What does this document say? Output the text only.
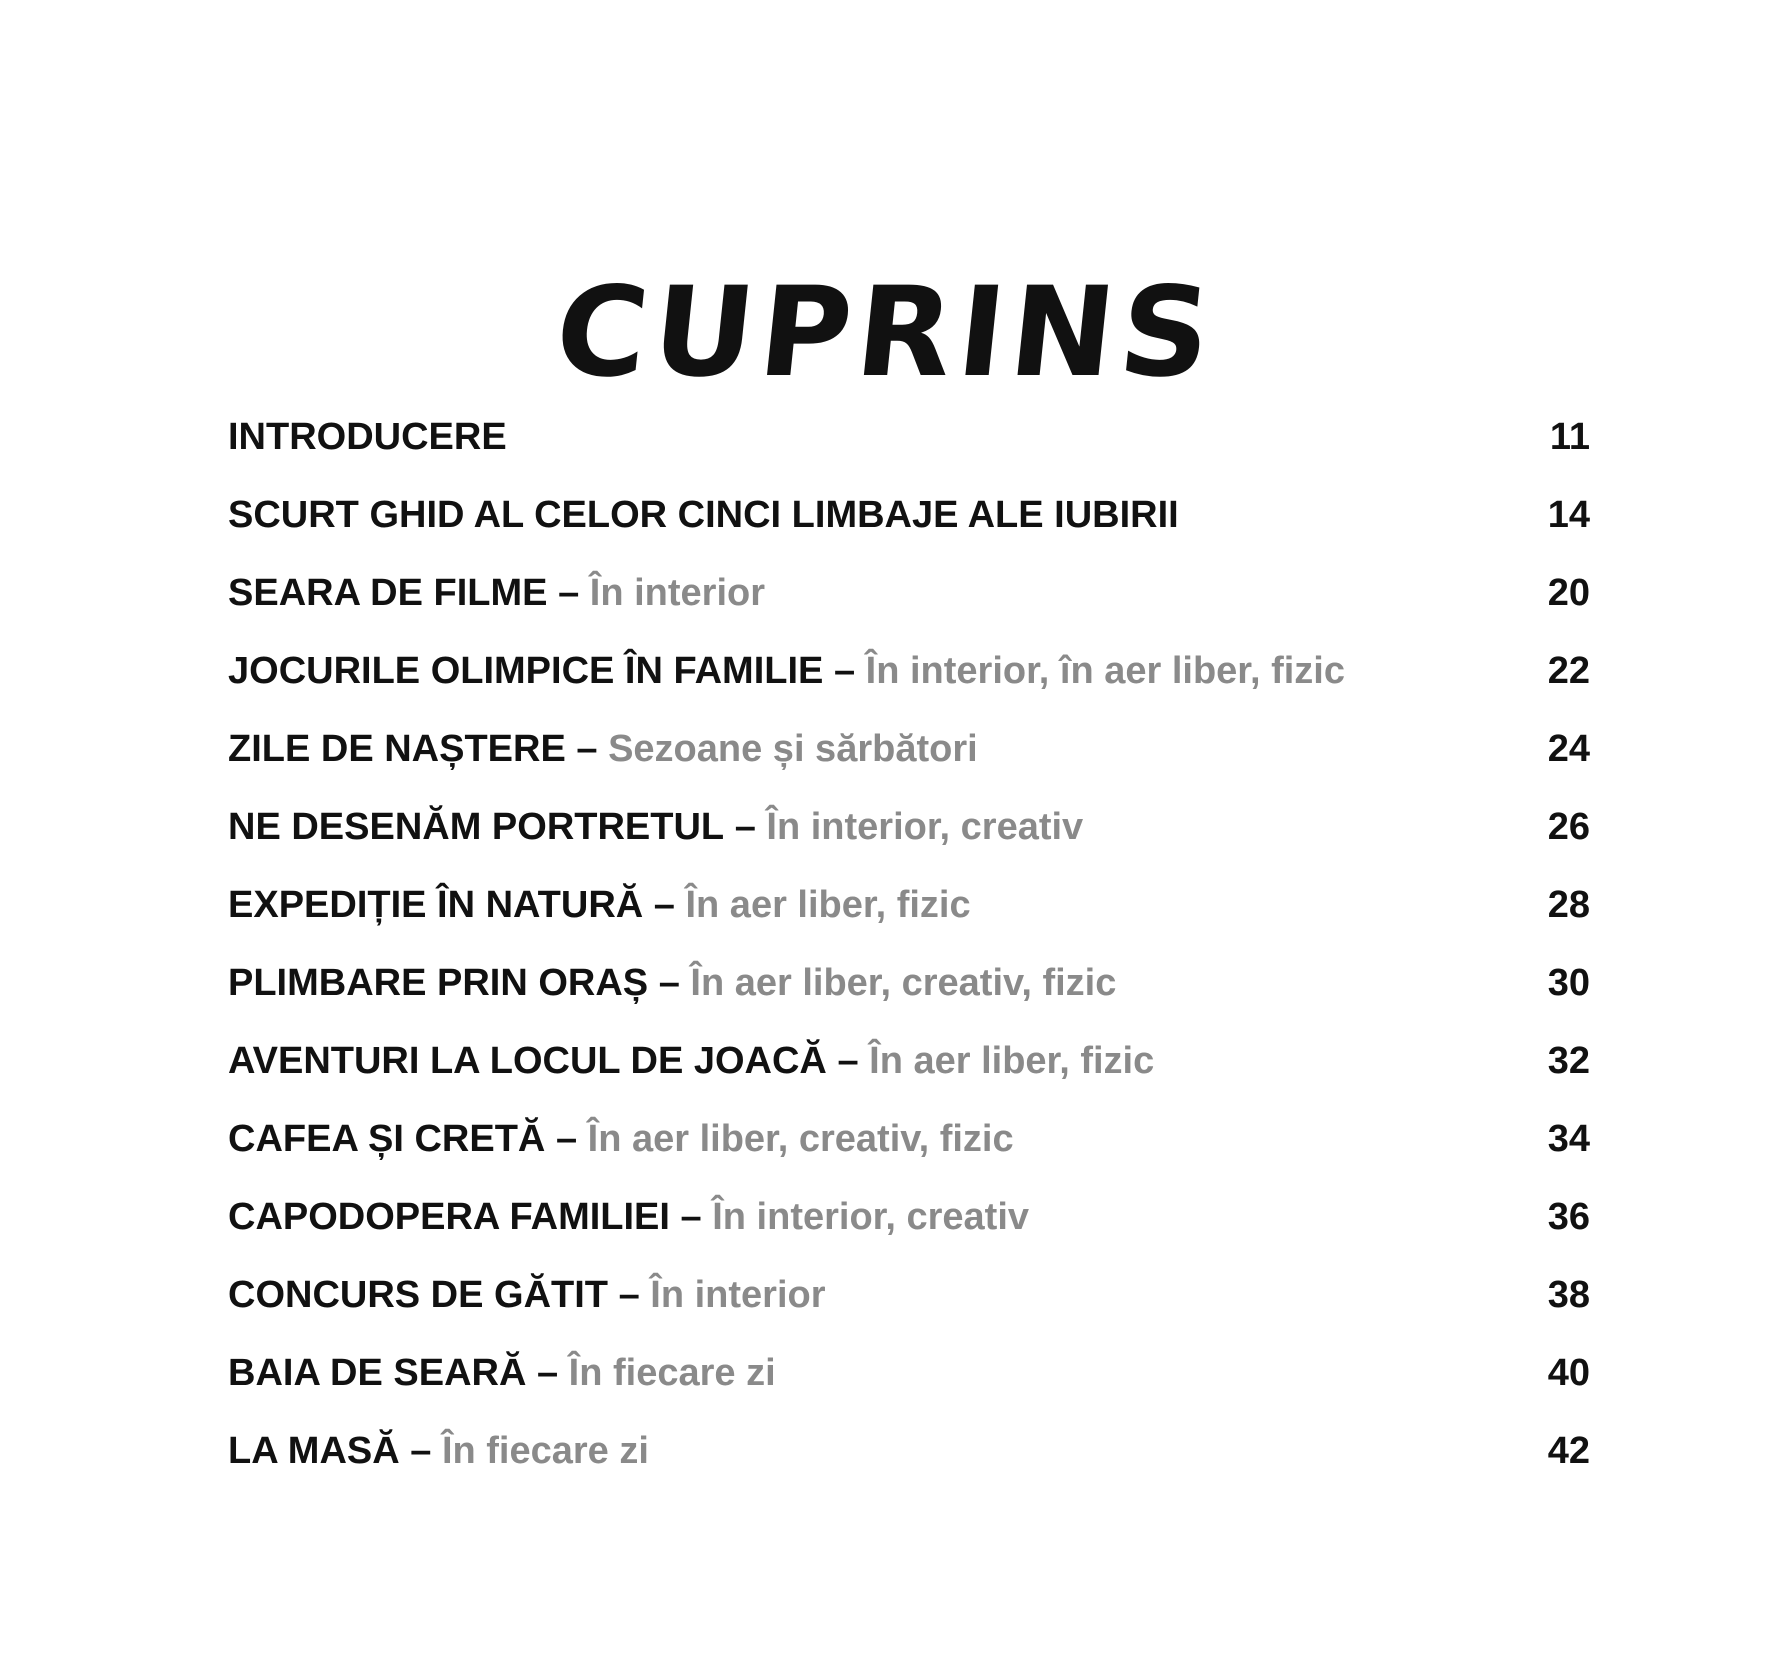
CUPRINS
INTRODUCERE	11
SCURT GHID AL CELOR CINCI LIMBAJE ALE IUBIRII	14
SEARA DE FILME – În interior	20
JOCURILE OLIMPICE ÎN FAMILIE – În interior, în aer liber, fizic	22
ZILE DE NAȘTERE – Sezoane și sărbători	24
NE DESENĂM PORTRETUL – În interior, creativ	26
EXPEDIȚIE ÎN NATURĂ – În aer liber, fizic	28
PLIMBARE PRIN ORAȘ – În aer liber, creativ, fizic	30
AVENTURI LA LOCUL DE JOACĂ – În aer liber, fizic	32
CAFEA ȘI CRETĂ – În aer liber, creativ, fizic	34
CAPODOPERA FAMILIEI – În interior, creativ	36
CONCURS DE GĂTIT – În interior	38
BAIA DE SEARĂ – În fiecare zi	40
LA MASĂ – În fiecare zi	42
